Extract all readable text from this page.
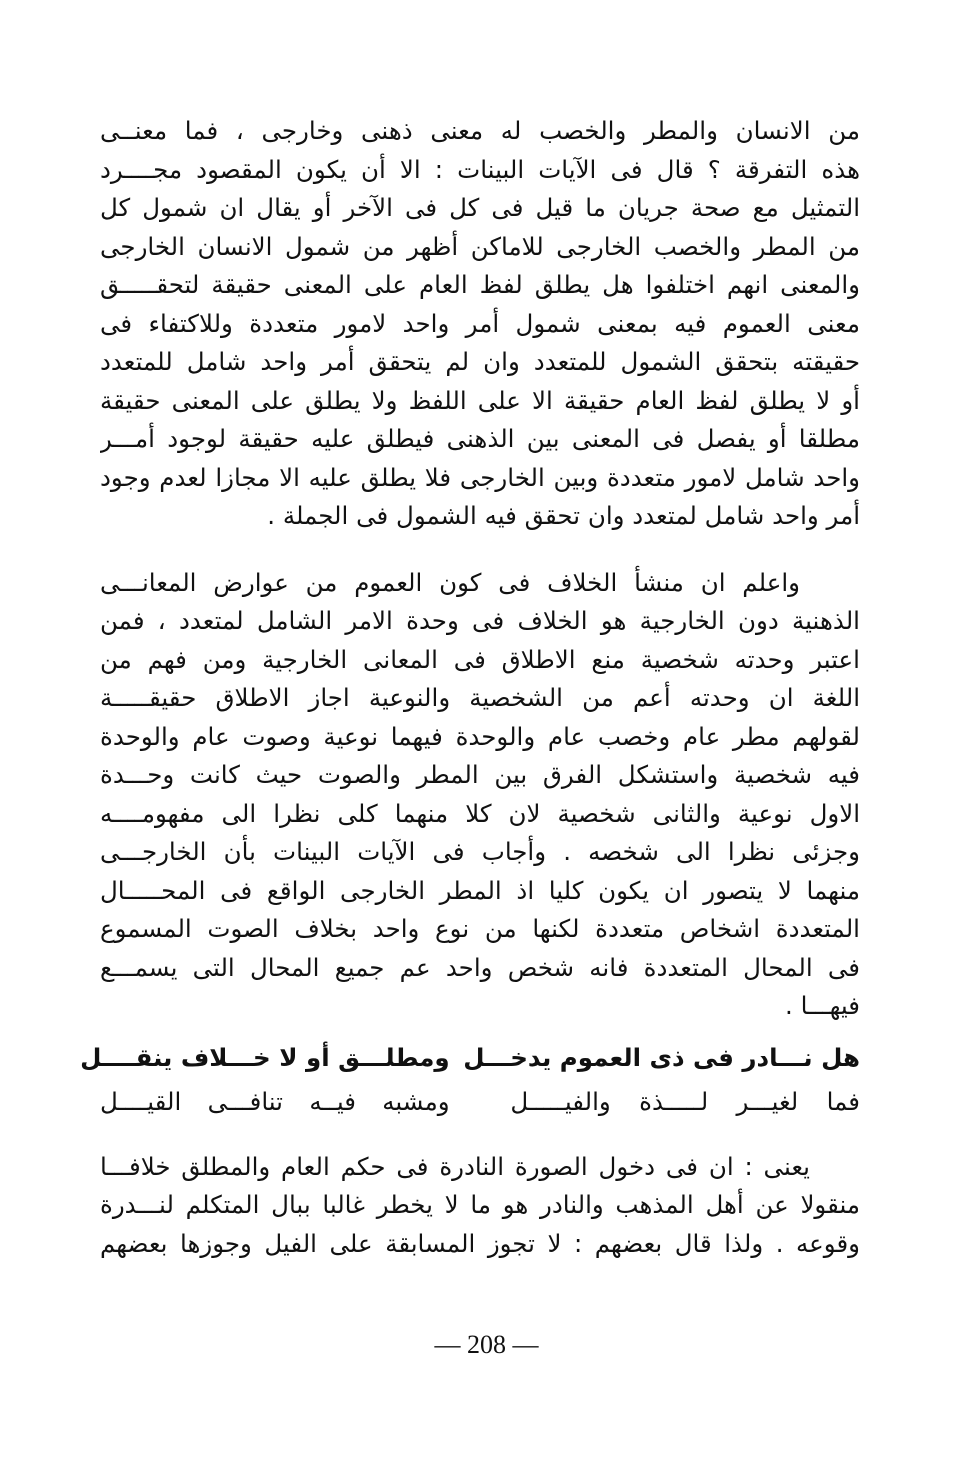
من الانسان والمطر والخصب له معنى ذهنى وخارجى ، فما معنــى
هذه التفرقة ؟ قال فى الآيات البينات : الا أن يكون المقصود مجــــرد
التمثيل مع صحة جريان ما قيل فى كل فى الآخر أو يقال ان شمول كل
من المطر والخصب الخارجى للاماكن أظهر من شمول الانسان الخارجى
والمعنى انهم اختلفوا هل يطلق لفظ العام على المعنى حقيقة لتحقـــــق
معنى العموم فيه بمعنى شمول أمر واحد لامور متعددة وللاكتفاء فى
حقيقته بتحقق الشمول للمتعدد وان لم يتحقق أمر واحد شامل للمتعدد
أو لا يطلق لفظ العام حقيقة الا على اللفظ ولا يطلق على المعنى حقيقة
مطلقا أو يفصل فى المعنى بين الذهنى فيطلق عليه حقيقة لوجود أمـــر
واحد شامل لامور متعددة وبين الخارجى فلا يطلق عليه الا مجازا لعدم وجود
أمر واحد شامل لمتعدد وان تحقق فيه الشمول فى الجملة .

واعلم ان منشأ الخلاف فى كون العموم من عوارض المعانـــى
الذهنية دون الخارجية هو الخلاف فى وحدة الامر الشامل لمتعدد ، فمن
اعتبر وحدته شخصية منع الاطلاق فى المعانى الخارجية ومن فهم من
اللغة ان وحدته أعم من الشخصية والنوعية اجاز الاطلاق حقيقـــــة
لقولهم مطر عام وخصب عام والوحدة فيهما نوعية وصوت عام والوحدة
فيه شخصية واستشكل الفرق بين المطر والصوت حيث كانت وحـــدة
الاول نوعية والثانى شخصية لان كلا منهما كلى نظرا الى مفهومــــه
وجزئى نظرا الى شخصه . وأجاب فى الآيات البينات بأن الخارجـــى
منهما لا يتصور ان يكون كليا اذ المطر الخارجى الواقع فى المحـــــال
المتعددة اشخاص متعددة لكنها من نوع واحد بخلاف الصوت المسموع
فى المحال المتعددة فانه شخص واحد عم جميع المحال التى يسمـــع
فيهـــا .

هل نـــادر فى ذى العموم يدخـــل
ومطلـــق أو لا خـــلاف ينقــــل
فما لغيـــر لـــــذة والفيـــــل
ومشبه فيــه تنافـــى القيــــل

يعنى : ان فى دخول الصورة النادرة فى حكم العام والمطلق خلافـــا
منقولا عن أهل المذهب والنادر هو ما لا يخطر غالبا ببال المتكلم لنـــدرة
وقوعه . ولذا قال بعضهم : لا تجوز المسابقة على الفيل وجوزها بعضهم

— 208 —
